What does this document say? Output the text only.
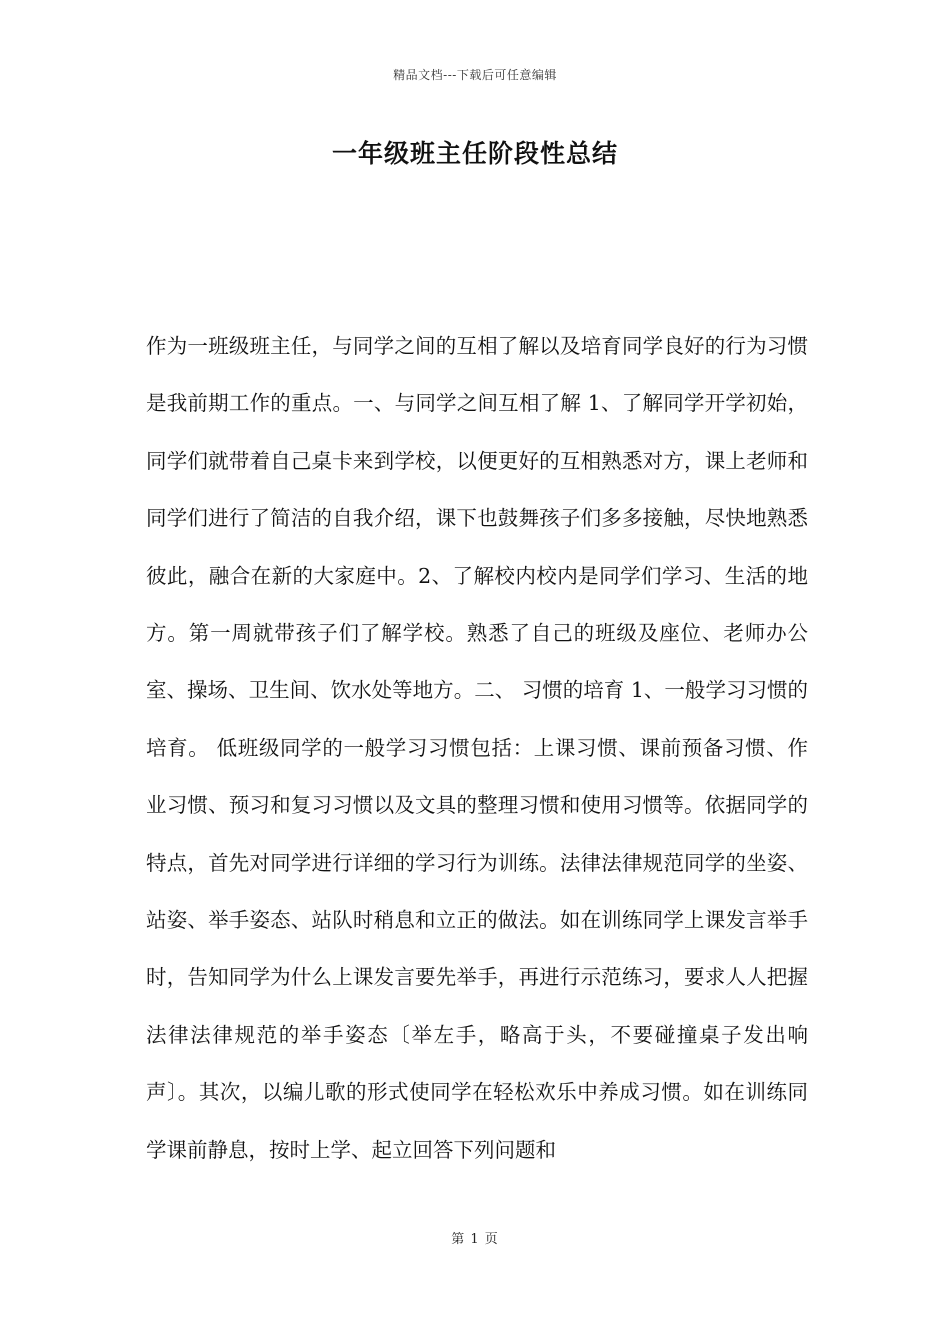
精品文档---下载后可任意编辑
一年级班主任阶段性总结

作为一班级班主任，与同学之间的互相了解以及培育同学良好的行为习惯是我前期工作的重点。一、与同学之间互相了解 1、了解同学开学初始，同学们就带着自己桌卡来到学校，以便更好的互相熟悉对方，课上老师和同学们进行了简洁的自我介绍，课下也鼓舞孩子们多多接触，尽快地熟悉彼此，融合在新的大家庭中。2、了解校内校内是同学们学习、生活的地方。第一周就带孩子们了解学校。熟悉了自己的班级及座位、老师办公室、操场、卫生间、饮水处等地方。二、 习惯的培育 1、一般学习习惯的培育。 低班级同学的一般学习习惯包括：上课习惯、课前预备习惯、作业习惯、预习和复习习惯以及文具的整理习惯和使用习惯等。依据同学的特点，首先对同学进行详细的学习行为训练。法律法律规范同学的坐姿、站姿、举手姿态、站队时稍息和立正的做法。如在训练同学上课发言举手时，告知同学为什么上课发言要先举手，再进行示范练习，要求人人把握法律法律规范的举手姿态〔举左手，略高于头，不要碰撞桌子发出响声〕。其次，以编儿歌的形式使同学在轻松欢乐中养成习惯。如在训练同学课前静息，按时上学、起立回答下列问题和

第 1 页
